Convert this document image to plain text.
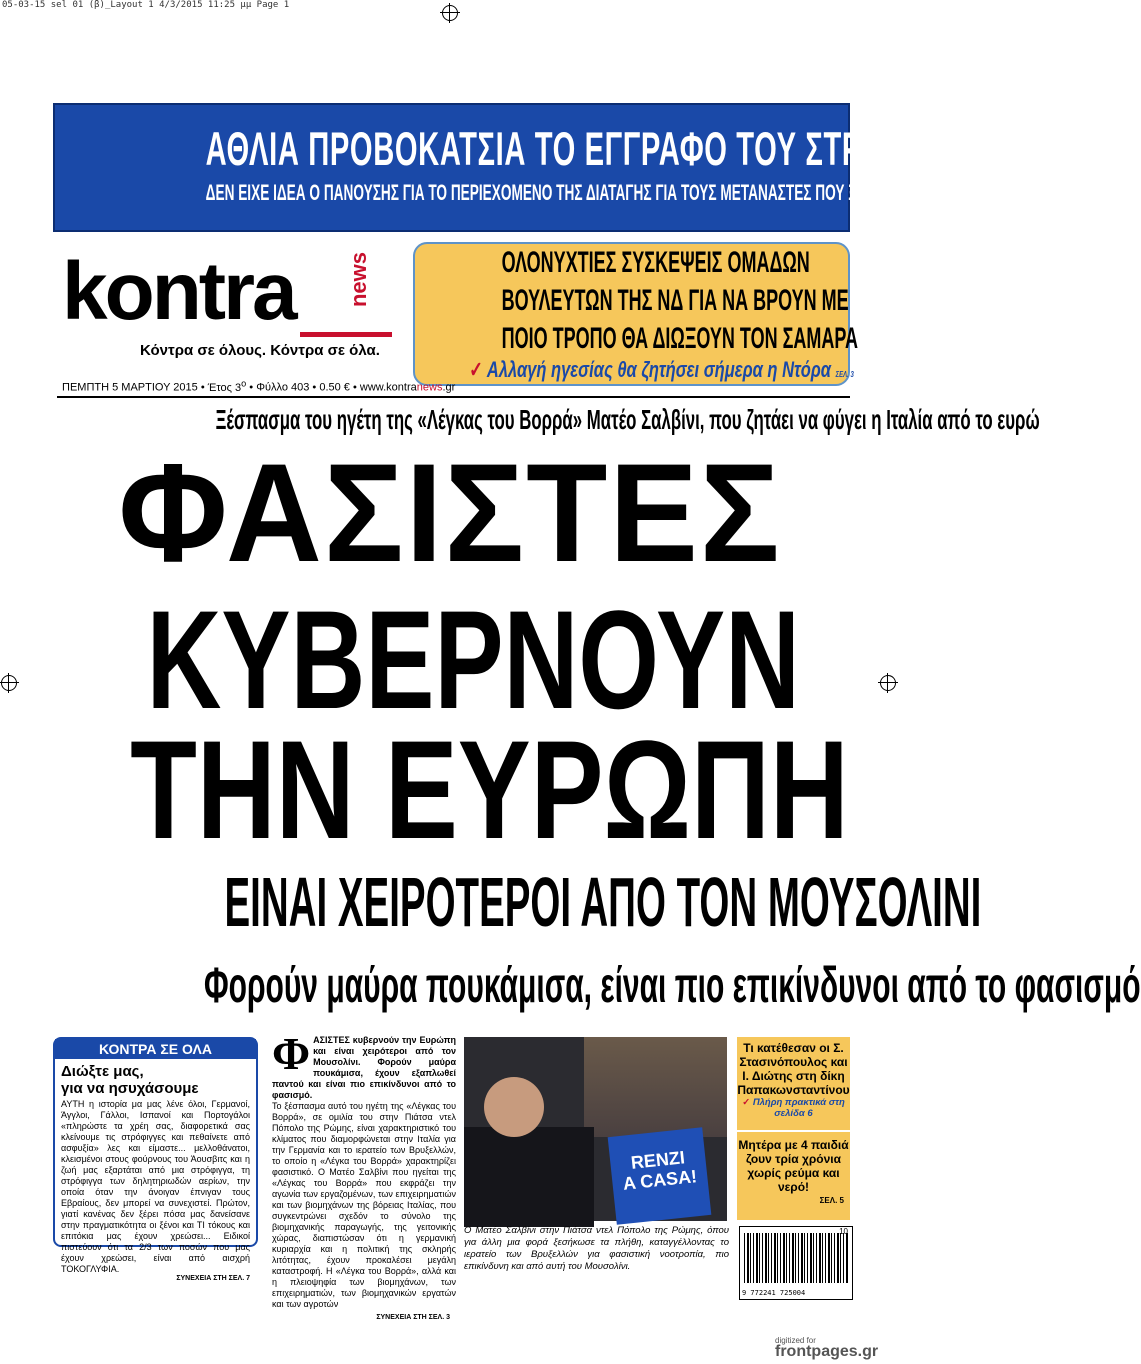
05-03-15 sel 01 (β)_Layout 1 4/3/2015 11:25 μμ Page 1
ΑΘΛΙΑ ΠΡΟΒΟΚΑΤΣΙΑ ΤΟ ΕΓΓΡΑΦΟ ΤΟΥ ΣΤΡΑΤΗΓΟΥ
ΔΕΝ ΕΙΧΕ ΙΔΕΑ Ο ΠΑΝΟΥΣΗΣ ΓΙΑ ΤΟ ΠΕΡΙΕΧΟΜΕΝΟ ΤΗΣ ΔΙΑΤΑΓΗΣ ΓΙΑ ΤΟΥΣ ΜΕΤΑΝΑΣΤΕΣ ΠΟΥ ΞΕΣΗΚΩΣΕ ΘΥΕΛΛΑ
kontra news
Κόντρα σε όλους. Κόντρα σε όλα.
ΟΛΟΝΥΧΤΙΕΣ ΣΥΣΚΕΨΕΙΣ ΟΜΑΔΩΝ
ΒΟΥΛΕΥΤΩΝ ΤΗΣ ΝΔ ΓΙΑ ΝΑ ΒΡΟΥΝ ΜΕ
ΠΟΙΟ ΤΡΟΠΟ ΘΑ ΔΙΩΞΟΥΝ ΤΟΝ ΣΑΜΑΡΑ
✓ Αλλαγή ηγεσίας θα ζητήσει σήμερα η Ντόρα ΣΕΛ. 3
ΠΕΜΠΤΗ 5 ΜΑΡΤΙΟΥ 2015 • Έτος $3^o$ • Φύλλο 403 • 0.50 € • www.kontranews.gr
Ξέσπασμα του ηγέτη της «Λέγκας του Βορρά» Ματέο Σαλβίνι, που ζητάει να φύγει η Ιταλία από το ευρώ
ΦΑΣΙΣΤΕΣ
ΚΥΒΕΡΝΟΥΝ
ΤΗΝ ΕΥΡΩΠΗ
ΕΙΝΑΙ ΧΕΙΡΟΤΕΡΟΙ ΑΠΟ ΤΟΝ ΜΟΥΣΟΛΙΝΙ
Φορούν μαύρα πουκάμισα, είναι πιο επικίνδυνοι από το φασισμό
ΚΟΝΤΡΑ ΣΕ ΟΛΑ
Διώξτε μας,
για να ησυχάσουμε
ΑΥΤΗ η ιστορία μα μας λένε όλοι, Γερμανοί, Άγγλοι, Γάλλοι, Ισπανοί και Πορτογάλοι «πληρώστε τα χρέη σας, διαφορετικά σας κλείνουμε τις στρόφιγγες και πεθαίνετε από ασφυξία» λες και είμαστε... μελλοθάνατοι, κλεισμένοι στους φούρνους του Άουσβιτς και η ζωή μας εξαρτάται από μια στρόφιγγα, τη στρόφιγγα των δηλητηριωδών αερίων, την οποία όταν την άνοιγαν έπνιγαν τους Εβραίους, δεν μπορεί να συνεχιστεί. Πρώτον, γιατί κανένας δεν ξέρει πόσα μας δανείσανε στην πραγματικότητα οι ξένοι και ΤΙ τόκους και επιτόκια μας έχουν χρεώσει... Ειδικοί πιστεύουν ότι τα 2/3 των ποσών που μας έχουν χρεώσει, είναι από αισχρή ΤΟΚΟΓΛΥΦΙΑ.
ΣΥΝΕΧΕΙΑ ΣΤΗ ΣΕΛ. 7
Φ ΑΣΙΣΤΕΣ κυβερνούν την Ευρώπη και είναι χειρότεροι από τον Μουσολίνι. Φορούν μαύρα πουκάμισα, έχουν εξαπλωθεί παντού και είναι πιο επικίνδυνοι από το φασισμό.
Το ξέσπασμα αυτό του ηγέτη της «Λέγκας του Βορρά», σε ομιλία του στην Πιάτσα ντελ Πόπολο της Ρώμης, είναι χαρακτηριστικό του κλίματος που διαμορφώνεται στην Ιταλία για την Γερμανία και το ιερατείο των Βρυξελλών, το οποίο η «Λέγκα του Βορρά» χαρακτηρίζει φασιστικό. Ο Ματέο Σαλβίνι που ηγείται της «Λέγκας του Βορρά» που εκφράζει την αγωνία των εργαζομένων, των επιχειρηματιών και των βιομηχάνων της βόρειας Ιταλίας, που συγκεντρώνει σχεδόν το σύνολο της βιομηχανικής παραγωγής, της γειτονικής χώρας, διαπιστώσαν ότι η γερμανική κυριαρχία και η πολιτική της σκληρής λιτότητας, έχουν προκαλέσει μεγάλη καταστροφή. Η «Λέγκα του Βορρά», αλλά και η πλειοψηφία των βιομηχάνων, των επιχειρηματιών, των βιομηχανικών εργατών και των αγροτών
ΣΥΝΕΧΕΙΑ ΣΤΗ ΣΕΛ. 3
RENZI
A CASA!
Ο Ματέο Σαλβίνι στην Πιάτσα ντελ Πόπολο της Ρώμης, όπου για άλλη μια φορά ξεσήκωσε τα πλήθη, καταγγέλλοντας το ιερατείο των Βρυξελλών για φασιστική νοοτροπία, πιο επικίνδυνη και από αυτή του Μουσολίνι.
Τι κατέθεσαν οι Σ. Στασινόπουλος και Ι. Διώτης στη δίκη Παπακωνσταντίνου
✓ Πλήρη πρακτικά στη σελίδα 6
Μητέρα με 4 παιδιά ζουν τρία χρόνια χωρίς ρεύμα και νερό!
ΣΕΛ. 5
9 772241 725004
10
digitized for
frontpages.gr
